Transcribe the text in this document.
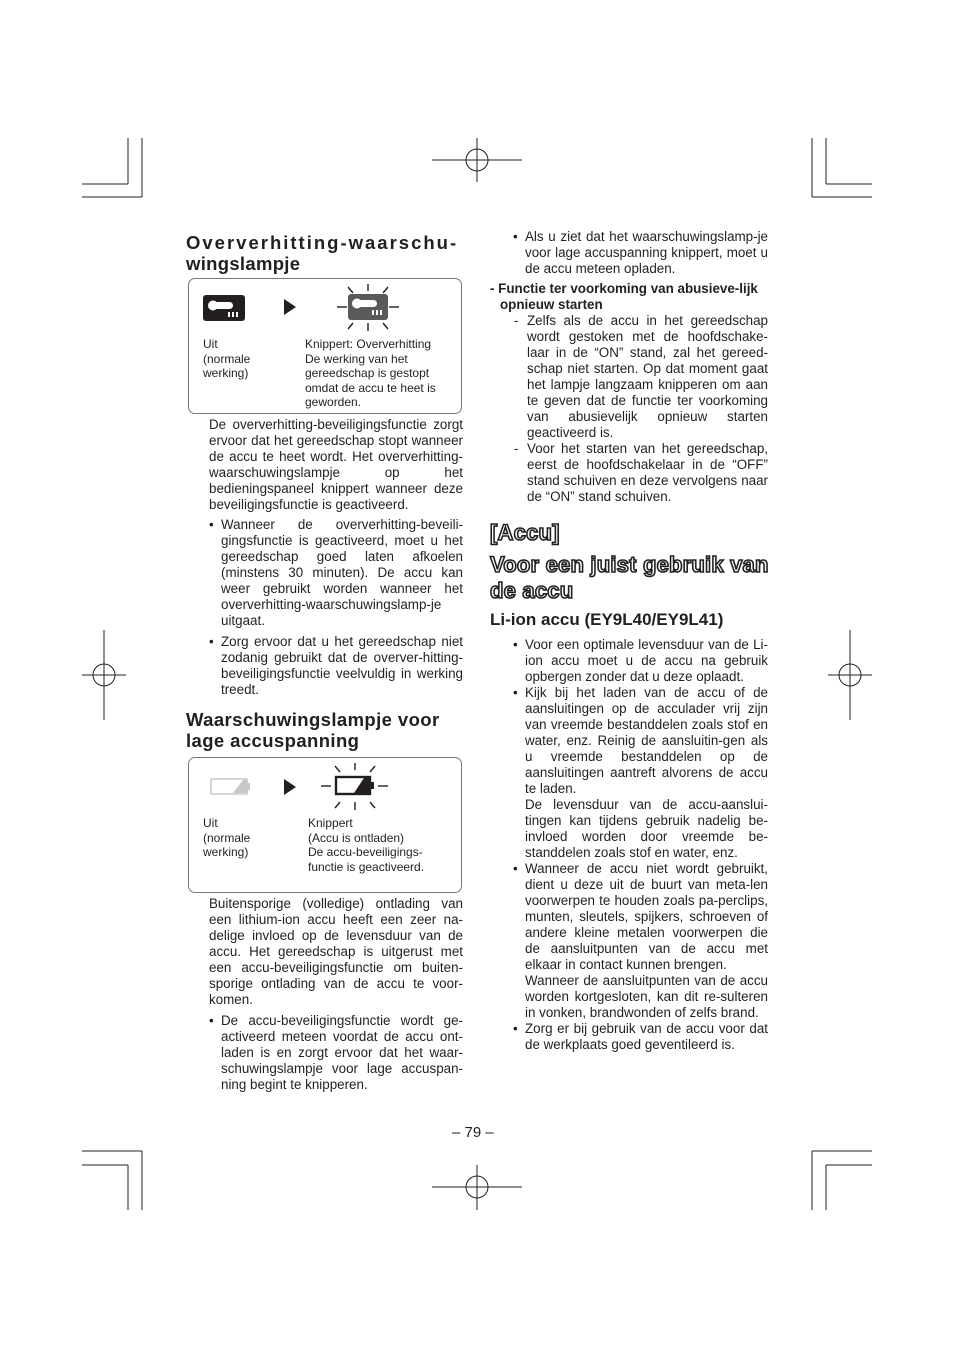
Oververhitting-waarschu-
wingslampje
Uit
(normale
werking)
Knippert: Oververhitting
De werking van het
gereedschap is gestopt
omdat de accu te heet is
geworden.

De oververhitting-beveiligingsfunctie zorgt ervoor dat het gereedschap stopt wanneer de accu te heet wordt. Het oververhitting-waarschuwingslampje op het bedieningspaneel knippert wanneer deze beveiligingsfunctie is geactiveerd.

• Wanneer de oververhitting-beveili-gingsfunctie is geactiveerd, moet u het gereedschap goed laten afkoelen (minstens 30 minuten). De accu kan weer gebruikt worden wanneer het oververhitting-waarschuwingslamp-je uitgaat.
• Zorg ervoor dat u het gereedschap niet zodanig gebruikt dat de overver-hitting-beveiligingsfunctie veelvuldig in werking treedt.
Waarschuwingslampje voor
lage accuspanning
Uit
(normale
werking)
Knippert
(Accu is ontladen)
De accu-beveiligings-
functie is geactiveerd.

Buitensporige (volledige) ontlading van een lithium-ion accu heeft een zeer na-delige invloed op de levensduur van de accu. Het gereedschap is uitgerust met een accu-beveiligingsfunctie om buiten-sporige ontlading van de accu te voor-komen.

• De accu-beveiligingsfunctie wordt ge-activeerd meteen voordat de accu ont-laden is en zorgt ervoor dat het waar-schuwingslampje voor lage accuspan-ning begint te knipperen.
• Als u ziet dat het waarschuwingslamp-je voor lage accuspanning knippert, moet u de accu meteen opladen.
- Functie ter voorkoming van abusieve-lijk opnieuw starten
- Zelfs als de accu in het gereedschap wordt gestoken met de hoofdschake-laar in de “ON” stand, zal het gereed-schap niet starten. Op dat moment gaat het lampje langzaam knipperen om aan te geven dat de functie ter voorkoming van abusievelijk opnieuw starten geactiveerd is.
- Voor het starten van het gereedschap, eerst de hoofdschakelaar in de “OFF” stand schuiven en deze vervolgens naar de “ON” stand schuiven.
[Accu]
Voor een juist gebruik van
de accu
Li-ion accu (EY9L40/EY9L41)
• Voor een optimale levensduur van de Li-ion accu moet u de accu na gebruik opbergen zonder dat u deze oplaadt.
• Kijk bij het laden van de accu of de aansluitingen op de acculader vrij zijn van vreemde bestanddelen zoals stof en water, enz. Reinig de aansluitin-gen als u vreemde bestanddelen op de aansluitingen aantreft alvorens de accu te laden.
De levensduur van de accu-aanslui-tingen kan tijdens gebruik nadelig be-invloed worden door vreemde be-standdelen zoals stof en water, enz.
• Wanneer de accu niet wordt gebruikt, dient u deze uit de buurt van meta-len voorwerpen te houden zoals pa-perclips, munten, sleutels, spijkers, schroeven of andere kleine metalen voorwerpen die de aansluitpunten van de accu met elkaar in contact kunnen brengen.
Wanneer de aansluitpunten van de accu worden kortgesloten, kan dit re-sulteren in vonken, brandwonden of zelfs brand.
• Zorg er bij gebruik van de accu voor dat de werkplaats goed geventileerd is.
– 79 –
